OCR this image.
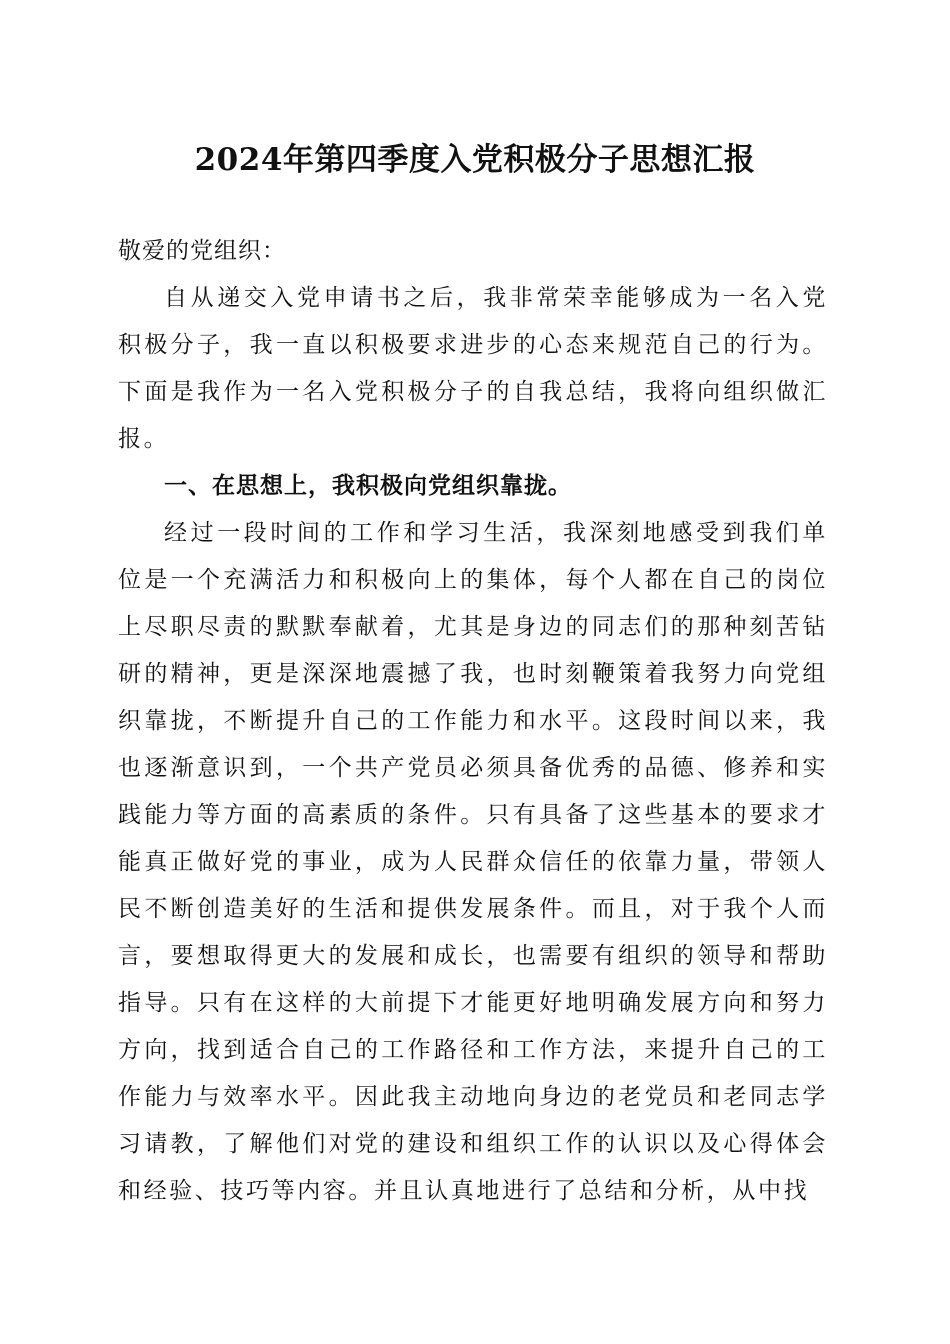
2024年第四季度入党积极分子思想汇报

敬爱的党组织：

自从递交入党申请书之后，我非常荣幸能够成为一名入党积极分子，我一直以积极要求进步的心态来规范自己的行为。下面是我作为一名入党积极分子的自我总结，我将向组织做汇报。

一、在思想上，我积极向党组织靠拢。

经过一段时间的工作和学习生活，我深刻地感受到我们单位是一个充满活力和积极向上的集体，每个人都在自己的岗位上尽职尽责的默默奉献着，尤其是身边的同志们的那种刻苦钻研的精神，更是深深地震撼了我，也时刻鞭策着我努力向党组织靠拢，不断提升自己的工作能力和水平。这段时间以来，我也逐渐意识到，一个共产党员必须具备优秀的品德、修养和实践能力等方面的高素质的条件。只有具备了这些基本的要求才能真正做好党的事业，成为人民群众信任的依靠力量，带领人民不断创造美好的生活和提供发展条件。而且，对于我个人而言，要想取得更大的发展和成长，也需要有组织的领导和帮助指导。只有在这样的大前提下才能更好地明确发展方向和努力方向，找到适合自己的工作路径和工作方法，来提升自己的工作能力与效率水平。因此我主动地向身边的老党员和老同志学习请教，了解他们对党的建设和组织工作的认识以及心得体会和经验、技巧等内容。并且认真地进行了总结和分析，从中找
